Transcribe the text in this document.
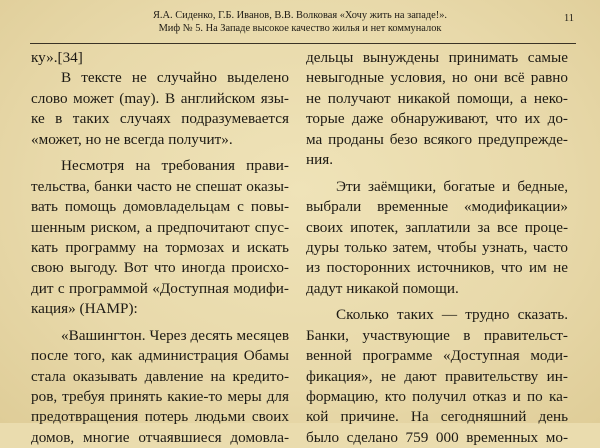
Я.А. Сиденко, Г.Б. Иванов, В.В. Волковая «Хочу жить на западе!».
Миф № 5. На Западе высокое качество жилья и нет коммуналок
11
ку».[34]
В тексте не случайно выделено
слово может (may). В английском язы-
ке в таких случаях подразумевается
«может, но не всегда получит».
Несмотря на требования прави-
тельства, банки часто не спешат оказы-
вать помощь домовладельцам с повы-
шенным риском, а предпочитают спус-
кать программу на тормозах и искать
свою выгоду. Вот что иногда происхо-
дит с программой «Доступная модифи-
кация» (HAMP):
«Вашингтон. Через десять месяцев
после того, как администрация Обамы
стала оказывать давление на кредито-
ров, требуя принять какие-то меры для
предотвращения потерь людьми своих
домов, многие отчаявшиеся домовла-
дельцы вынуждены принимать самые
невыгодные условия, но они всё равно
не получают никакой помощи, а неко-
торые даже обнаруживают, что их до-
ма проданы безо всякого предупрежде-
ния.
Эти заёмщики, богатые и бедные,
выбрали временные «модификации»
своих ипотек, заплатили за все проце-
дуры только затем, чтобы узнать, часто
из посторонних источников, что им не
дадут никакой помощи.
Сколько таких — трудно сказать.
Банки, участвующие в правительст-
венной программе «Доступная моди-
фикация», не дают правительству ин-
формацию, кто получил отказ и по ка-
кой причине. На сегодняшний день
было сделано 759 000 временных мо-
